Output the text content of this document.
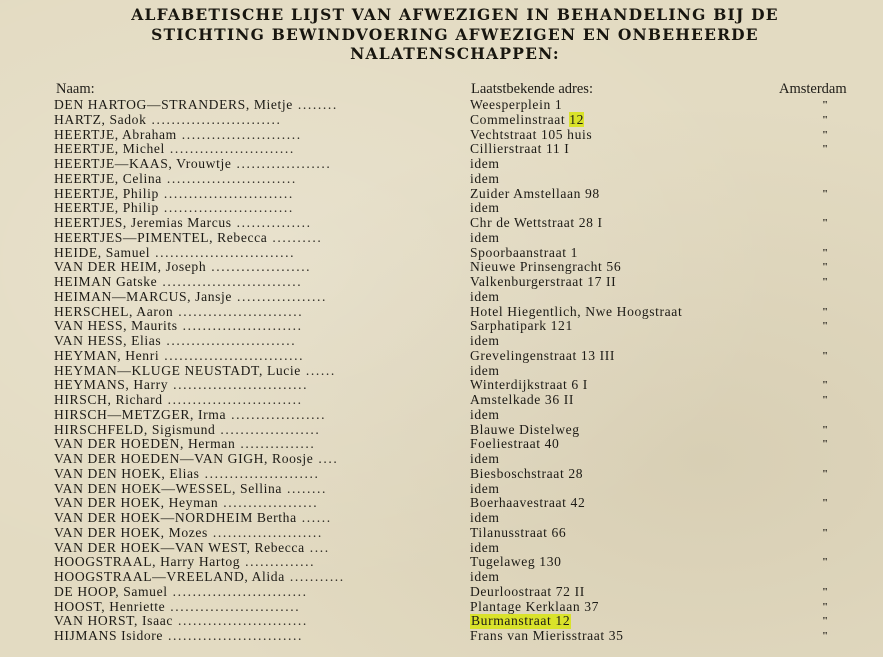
ALFABETISCHE LIJST VAN AFWEZIGEN IN BEHANDELING BIJ DE
STICHTING BEWINDVOERING AFWEZIGEN EN ONBEHEERDE
NALATENSCHAPPEN:
Naam:	Laatstbekende adres:	Amsterdam
DEN HARTOG—STRANDERS, Mietje ........	Weesperplein 1	"
HARTZ, Sadok ..........................	Commelinstraat 12	"
HEERTJE, Abraham ........................	Vechtstraat 105 huis	"
HEERTJE, Michel .........................	Cillierstraat 11 I	"
HEERTJE—KAAS, Vrouwtje ...................	idem
HEERTJE, Celina ..........................	idem
HEERTJE, Philip ..........................	Zuider Amstellaan 98	"
HEERTJE, Philip ..........................	idem
HEERTJES, Jeremias Marcus ...............	Chr de Wettstraat 28 I	"
HEERTJES—PIMENTEL, Rebecca ..........	idem
HEIDE, Samuel ............................	Spoorbaanstraat 1	"
VAN DER HEIM, Joseph ....................	Nieuwe Prinsengracht 56	"
HEIMAN Gatske ............................	Valkenburgerstraat 17 II	"
HEIMAN—MARCUS, Jansje ..................	idem
HERSCHEL, Aaron .........................	Hotel Hiegentlich, Nwe Hoogstraat	"
VAN HESS, Maurits ........................	Sarphatipark 121	"
VAN HESS, Elias ..........................	idem
HEYMAN, Henri ............................	Grevelingenstraat 13 III	"
HEYMAN—KLUGE NEUSTADT, Lucie ......	idem
HEYMANS, Harry ...........................	Winterdijkstraat 6 I	"
HIRSCH, Richard ...........................	Amstelkade 36 II	"
HIRSCH—METZGER, Irma ...................	idem
HIRSCHFELD, Sigismund ....................	Blauwe Distelweg	"
VAN DER HOEDEN, Herman ...............	Foeliestraat 40	"
VAN DER HOEDEN—VAN GIGH, Roosje ....	idem
VAN DEN HOEK, Elias .......................	Biesboschstraat 28	"
VAN DEN HOEK—WESSEL, Sellina ........	idem
VAN DER HOEK, Heyman ...................	Boerhaavestraat 42	"
VAN DER HOEK—NORDHEIM Bertha ......	idem
VAN DER HOEK, Mozes ......................	Tilanusstraat 66	"
VAN DER HOEK—VAN WEST, Rebecca ....	idem
HOOGSTRAAL, Harry Hartog ..............	Tugelaweg 130	"
HOOGSTRAAL—VREELAND, Alida ...........	idem
DE HOOP, Samuel ...........................	Deurloostraat 72 II	"
HOOST, Henriette ..........................	Plantage Kerklaan 37	"
VAN HORST, Isaac ..........................	Burmanstraat 12	"
HIJMANS Isidore ...........................	Frans van Mierisstraat 35	"
